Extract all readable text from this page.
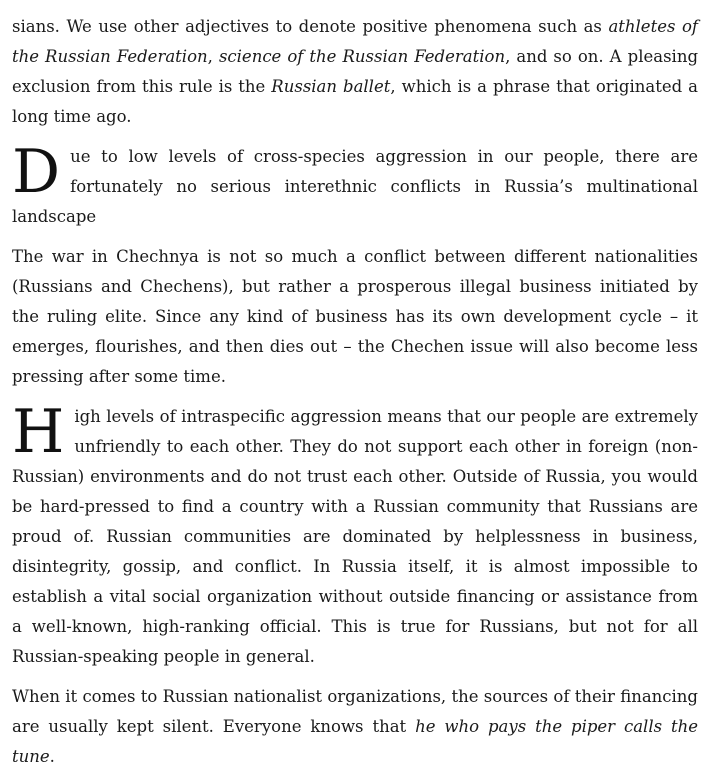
sians. We use other adjectives to denote positive phenomena such as athletes of the Russian Federation, science of the Russian Federation, and so on. A pleasing exclusion from this rule is the Russian ballet, which is a phrase that originated a long time ago.

Due to low levels of cross-species aggression in our people, there are fortunately no serious interethnic conflicts in Russia’s multinational landscape

The war in Chechnya is not so much a conflict between different nationalities (Russians and Chechens), but rather a prosperous illegal business initiated by the ruling elite. Since any kind of business has its own development cycle – it emerges, flourishes, and then dies out – the Chechen issue will also become less pressing after some time.

High levels of intraspecific aggression means that our people are extremely unfriendly to each other. They do not support each other in foreign (non-Russian) environments and do not trust each other. Outside of Russia, you would be hard-pressed to find a country with a Russian community that Russians are proud of. Russian communities are dominated by helplessness in business, disintegrity, gossip, and conflict. In Russia itself, it is almost impossible to establish a vital social organization without outside financing or assistance from a well-known, high-ranking official. This is true for Russians, but not for all Russian-speaking people in general.

When it comes to Russian nationalist organizations, the sources of their financing are usually kept silent. Everyone knows that he who pays the piper calls the tune.
